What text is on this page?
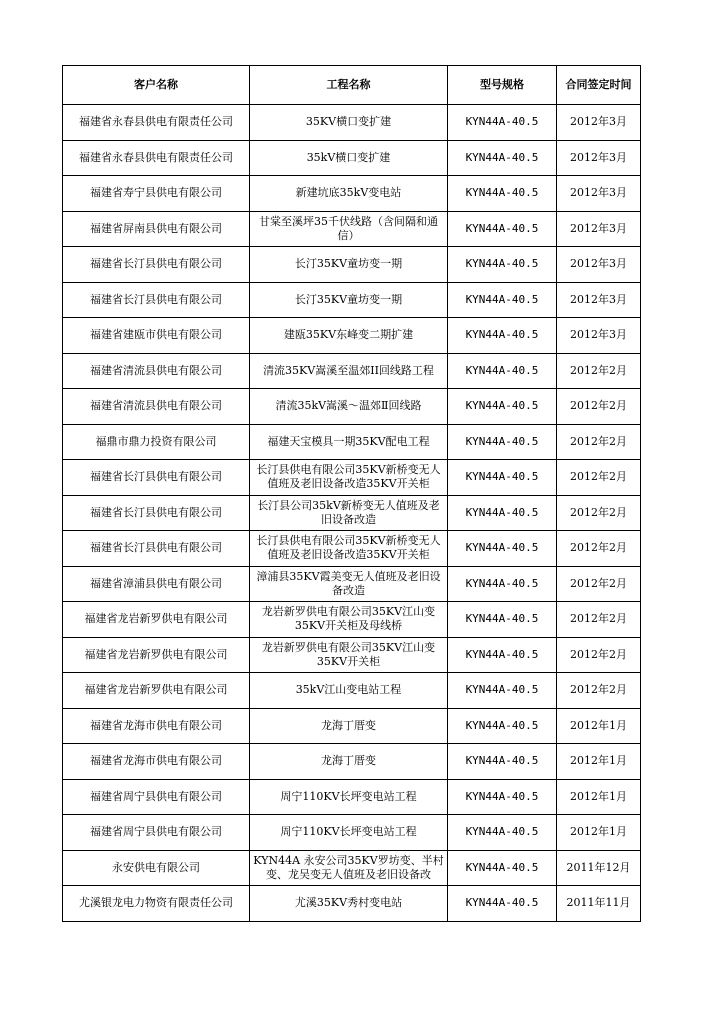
客户名称	工程名称	型号规格	合同签定时间
福建省永春县供电有限责任公司	35KV横口变扩建	KYN44A-40.5	2012年3月
福建省永春县供电有限责任公司	35kV横口变扩建	KYN44A-40.5	2012年3月
福建省寿宁县供电有限公司	新建坑底35kV变电站	KYN44A-40.5	2012年3月
福建省屏南县供电有限公司	甘棠至溪坪35千伏线路（含间隔和通信）	KYN44A-40.5	2012年3月
福建省长汀县供电有限公司	长汀35KV童坊变一期	KYN44A-40.5	2012年3月
福建省长汀县供电有限公司	长汀35KV童坊变一期	KYN44A-40.5	2012年3月
福建省建瓯市供电有限公司	建瓯35KV东峰变二期扩建	KYN44A-40.5	2012年3月
福建省清流县供电有限公司	清流35KV嵩溪至温郊II回线路工程	KYN44A-40.5	2012年2月
福建省清流县供电有限公司	清流35kV嵩溪～温郊Ⅱ回线路	KYN44A-40.5	2012年2月
福鼎市鼎力投资有限公司	福建天宝模具一期35KV配电工程	KYN44A-40.5	2012年2月
福建省长汀县供电有限公司	长汀县供电有限公司35KV新桥变无人值班及老旧设备改造35KV开关柜	KYN44A-40.5	2012年2月
福建省长汀县供电有限公司	长汀县公司35kV新桥变无人值班及老旧设备改造	KYN44A-40.5	2012年2月
福建省长汀县供电有限公司	长汀县供电有限公司35KV新桥变无人值班及老旧设备改造35KV开关柜	KYN44A-40.5	2012年2月
福建省漳浦县供电有限公司	漳浦县35KV霞美变无人值班及老旧设备改造	KYN44A-40.5	2012年2月
福建省龙岩新罗供电有限公司	龙岩新罗供电有限公司35KV江山变35KV开关柜及母线桥	KYN44A-40.5	2012年2月
福建省龙岩新罗供电有限公司	龙岩新罗供电有限公司35KV江山变35KV开关柜	KYN44A-40.5	2012年2月
福建省龙岩新罗供电有限公司	35kV江山变电站工程	KYN44A-40.5	2012年2月
福建省龙海市供电有限公司	龙海丁厝变	KYN44A-40.5	2012年1月
福建省龙海市供电有限公司	龙海丁厝变	KYN44A-40.5	2012年1月
福建省周宁县供电有限公司	周宁110KV长坪变电站工程	KYN44A-40.5	2012年1月
福建省周宁县供电有限公司	周宁110KV长坪变电站工程	KYN44A-40.5	2012年1月
永安供电有限公司	KYN44A 永安公司35KV罗坊变、半村变、龙吴变无人值班及老旧设备改	KYN44A-40.5	2011年12月
尤溪银龙电力物资有限责任公司	尤溪35KV秀村变电站	KYN44A-40.5	2011年11月
